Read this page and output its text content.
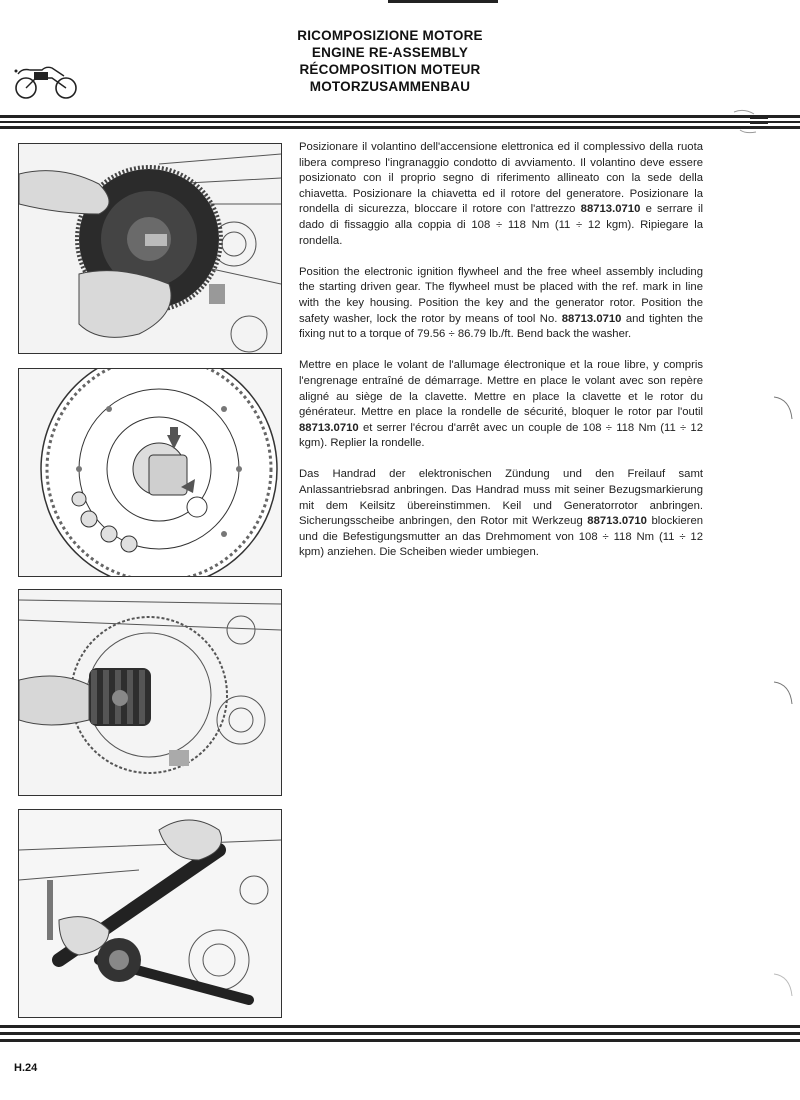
RICOMPOSIZIONE MOTORE
ENGINE RE-ASSEMBLY
RÉCOMPOSITION MOTEUR
MOTORZUSAMMENBAU

Posizionare il volantino dell'accensione elettronica ed il complessivo della ruota libera compreso l'ingranaggio condotto di avviamento. Il volantino deve essere posizionato con il proprio segno di riferimento allineato con la sede della chiavetta. Posizionare la chiavetta ed il rotore del generatore. Posizionare la rondella di sicurezza, bloccare il rotore con l'attrezzo 88713.0710 e serrare il dado di fissaggio alla coppia di 108 ÷ 118 Nm (11 ÷ 12 kgm). Ripiegare la rondella.

Position the electronic ignition flywheel and the free wheel assembly including the starting driven gear. The flywheel must be placed with the ref. mark in line with the key housing. Position the key and the generator rotor. Position the safety washer, lock the rotor by means of tool No. 88713.0710 and tighten the fixing nut to a torque of 79.56 ÷ 86.79 lb./ft. Bend back the washer.

Mettre en place le volant de l'allumage électronique et la roue libre, y compris l'engrenage entraîné de démarrage. Mettre en place le volant avec son repère aligné au siège de la clavette. Mettre en place la clavette et le rotor du générateur. Mettre en place la rondelle de sécurité, bloquer le rotor par l'outil 88713.0710 et serrer l'écrou d'arrêt avec un couple de 108 ÷ 118 Nm (11 ÷ 12 kgm). Replier la rondelle.

Das Handrad der elektronischen Zündung und den Freilauf samt Anlassantriebsrad anbringen. Das Handrad muss mit seiner Bezugsmarkierung mit dem Keilsitz übereinstimmen. Keil und Generatorrotor anbringen. Sicherungsscheibe anbringen, den Rotor mit Werkzeug 88713.0710 blockieren und die Befestigungsmutter an das Drehmoment von 108 ÷ 118 Nm (11 ÷ 12 kpm) anziehen. Die Scheiben wieder umbiegen.

H.24
